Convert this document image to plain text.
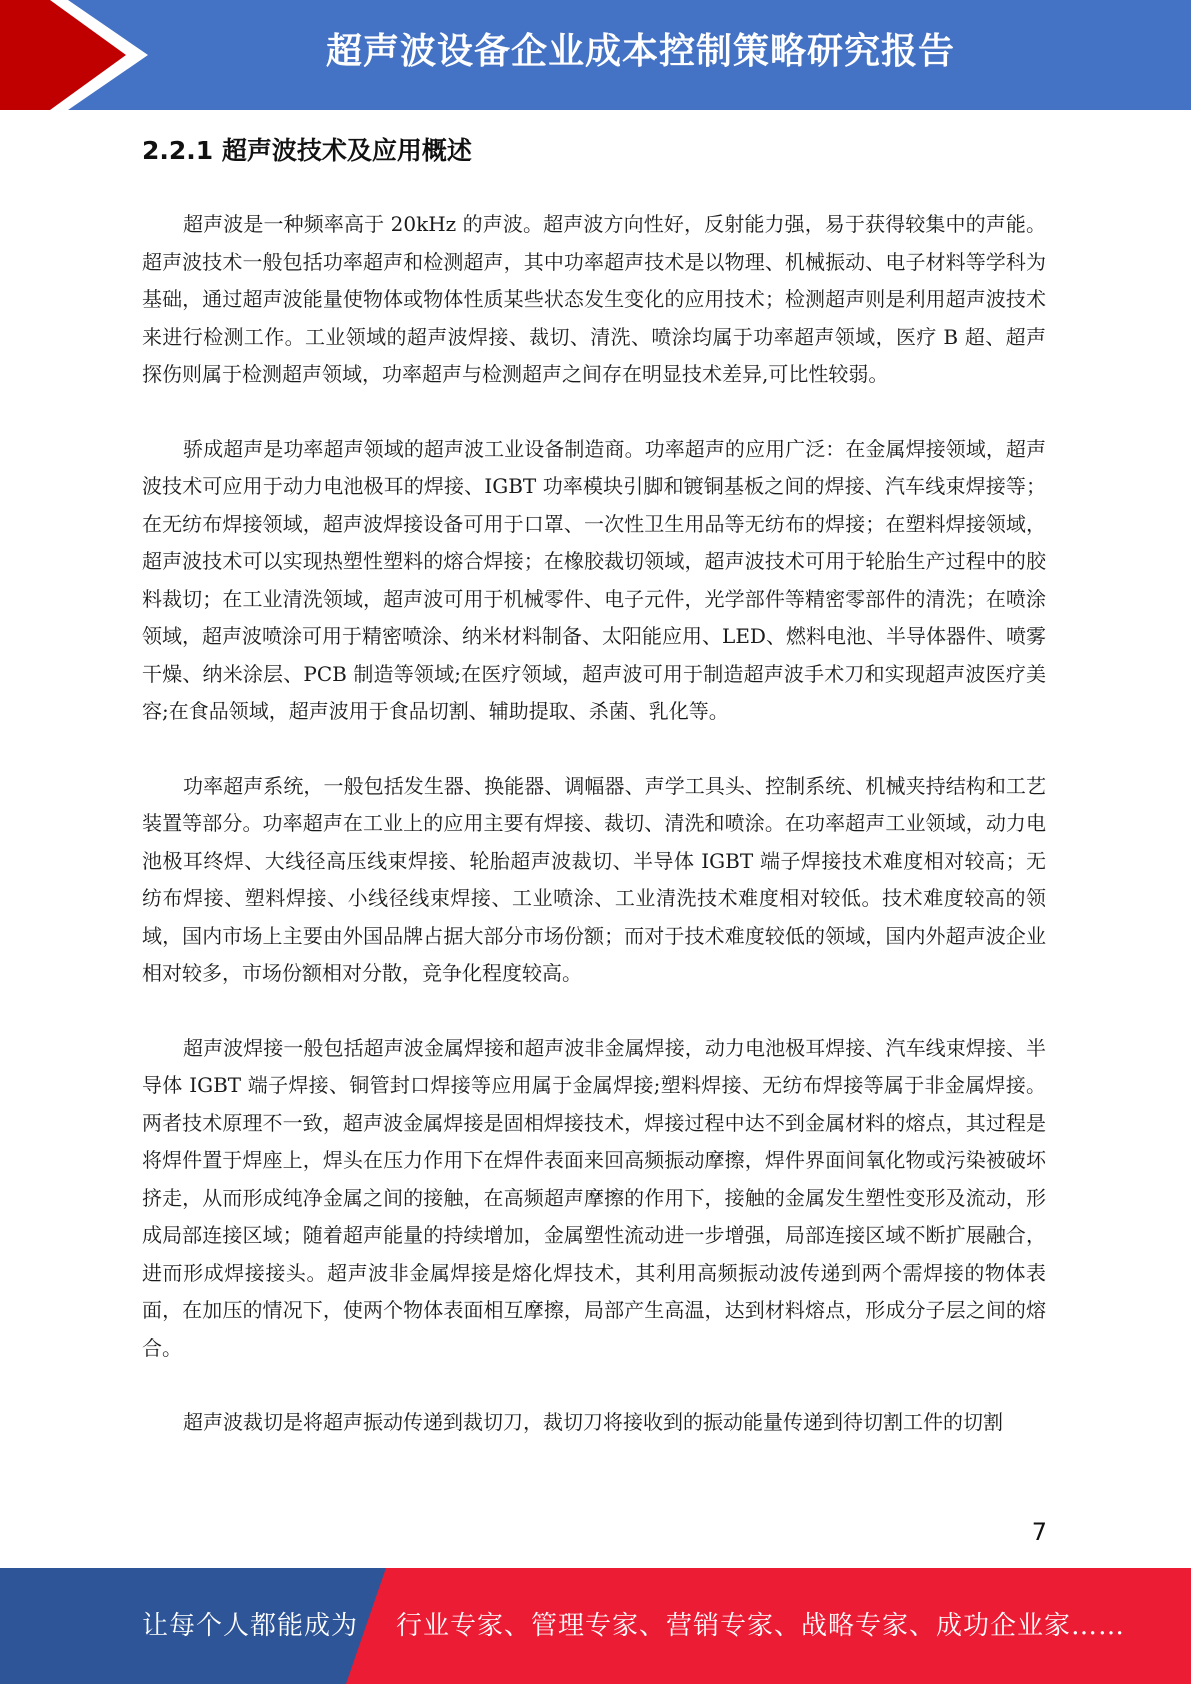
超声波设备企业成本控制策略研究报告
2.2.1 超声波技术及应用概述

超声波是一种频率高于 20kHz 的声波。超声波方向性好，反射能力强，易于获得较集中的声能。超声波技术一般包括功率超声和检测超声，其中功率超声技术是以物理、机械振动、电子材料等学科为基础，通过超声波能量使物体或物体性质某些状态发生变化的应用技术；检测超声则是利用超声波技术来进行检测工作。工业领域的超声波焊接、裁切、清洗、喷涂均属于功率超声领域，医疗 B 超、超声探伤则属于检测超声领域，功率超声与检测超声之间存在明显技术差异,可比性较弱。

骄成超声是功率超声领域的超声波工业设备制造商。功率超声的应用广泛：在金属焊接领域，超声波技术可应用于动力电池极耳的焊接、IGBT 功率模块引脚和镀铜基板之间的焊接、汽车线束焊接等；在无纺布焊接领域，超声波焊接设备可用于口罩、一次性卫生用品等无纺布的焊接；在塑料焊接领域，超声波技术可以实现热塑性塑料的熔合焊接；在橡胶裁切领域，超声波技术可用于轮胎生产过程中的胶料裁切；在工业清洗领域，超声波可用于机械零件、电子元件，光学部件等精密零部件的清洗；在喷涂领域，超声波喷涂可用于精密喷涂、纳米材料制备、太阳能应用、LED、燃料电池、半导体器件、喷雾干燥、纳米涂层、PCB 制造等领域;在医疗领域，超声波可用于制造超声波手术刀和实现超声波医疗美容;在食品领域，超声波用于食品切割、辅助提取、杀菌、乳化等。

功率超声系统，一般包括发生器、换能器、调幅器、声学工具头、控制系统、机械夹持结构和工艺装置等部分。功率超声在工业上的应用主要有焊接、裁切、清洗和喷涂。在功率超声工业领域，动力电池极耳终焊、大线径高压线束焊接、轮胎超声波裁切、半导体 IGBT 端子焊接技术难度相对较高；无纺布焊接、塑料焊接、小线径线束焊接、工业喷涂、工业清洗技术难度相对较低。技术难度较高的领域，国内市场上主要由外国品牌占据大部分市场份额；而对于技术难度较低的领域，国内外超声波企业相对较多，市场份额相对分散，竞争化程度较高。

超声波焊接一般包括超声波金属焊接和超声波非金属焊接，动力电池极耳焊接、汽车线束焊接、半导体 IGBT 端子焊接、铜管封口焊接等应用属于金属焊接;塑料焊接、无纺布焊接等属于非金属焊接。两者技术原理不一致，超声波金属焊接是固相焊接技术，焊接过程中达不到金属材料的熔点，其过程是将焊件置于焊座上，焊头在压力作用下在焊件表面来回高频振动摩擦，焊件界面间氧化物或污染被破坏挤走，从而形成纯净金属之间的接触，在高频超声摩擦的作用下，接触的金属发生塑性变形及流动，形成局部连接区域；随着超声能量的持续增加，金属塑性流动进一步增强，局部连接区域不断扩展融合，进而形成焊接接头。超声波非金属焊接是熔化焊技术，其利用高频振动波传递到两个需焊接的物体表面，在加压的情况下，使两个物体表面相互摩擦，局部产生高温，达到材料熔点，形成分子层之间的熔合。

超声波裁切是将超声振动传递到裁切刀，裁切刀将接收到的振动能量传递到待切割工件的切割

7
让每个人都能成为 行业专家、管理专家、营销专家、战略专家、成功企业家……
